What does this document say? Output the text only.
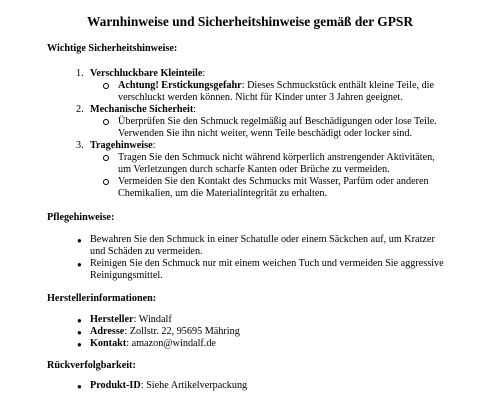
Warnhinweise und Sicherheitshinweise gemäß der GPSR
Wichtige Sicherheitshinweise:
1. Verschluckbare Kleinteile:
Achtung! Erstickungsgefahr: Dieses Schmuckstück enthält kleine Teile, die
verschluckt werden können. Nicht für Kinder unter 3 Jahren geeignet.
2. Mechanische Sicherheit:
Überprüfen Sie den Schmuck regelmäßig auf Beschädigungen oder lose Teile.
Verwenden Sie ihn nicht weiter, wenn Teile beschädigt oder locker sind.
3. Tragehinweise:
Tragen Sie den Schmuck nicht während körperlich anstrengender Aktivitäten,
um Verletzungen durch scharfe Kanten oder Brüche zu vermeiden.
Vermeiden Sie den Kontakt des Schmucks mit Wasser, Parfüm oder anderen
Chemikalien, um die Materialintegrität zu erhalten.
Pflegehinweise:
● Bewahren Sie den Schmuck in einer Schatulle oder einem Säckchen auf, um Kratzer
und Schäden zu vermeiden.
● Reinigen Sie den Schmuck nur mit einem weichen Tuch und vermeiden Sie aggressive
Reinigungsmittel.
Herstellerinformationen:
● Hersteller: Windalf
● Adresse: Zollstr. 22, 95695 Mähring
● Kontakt: amazon@windalf.de
Rückverfolgbarkeit:
● Produkt-ID: Siehe Artikelverpackung
